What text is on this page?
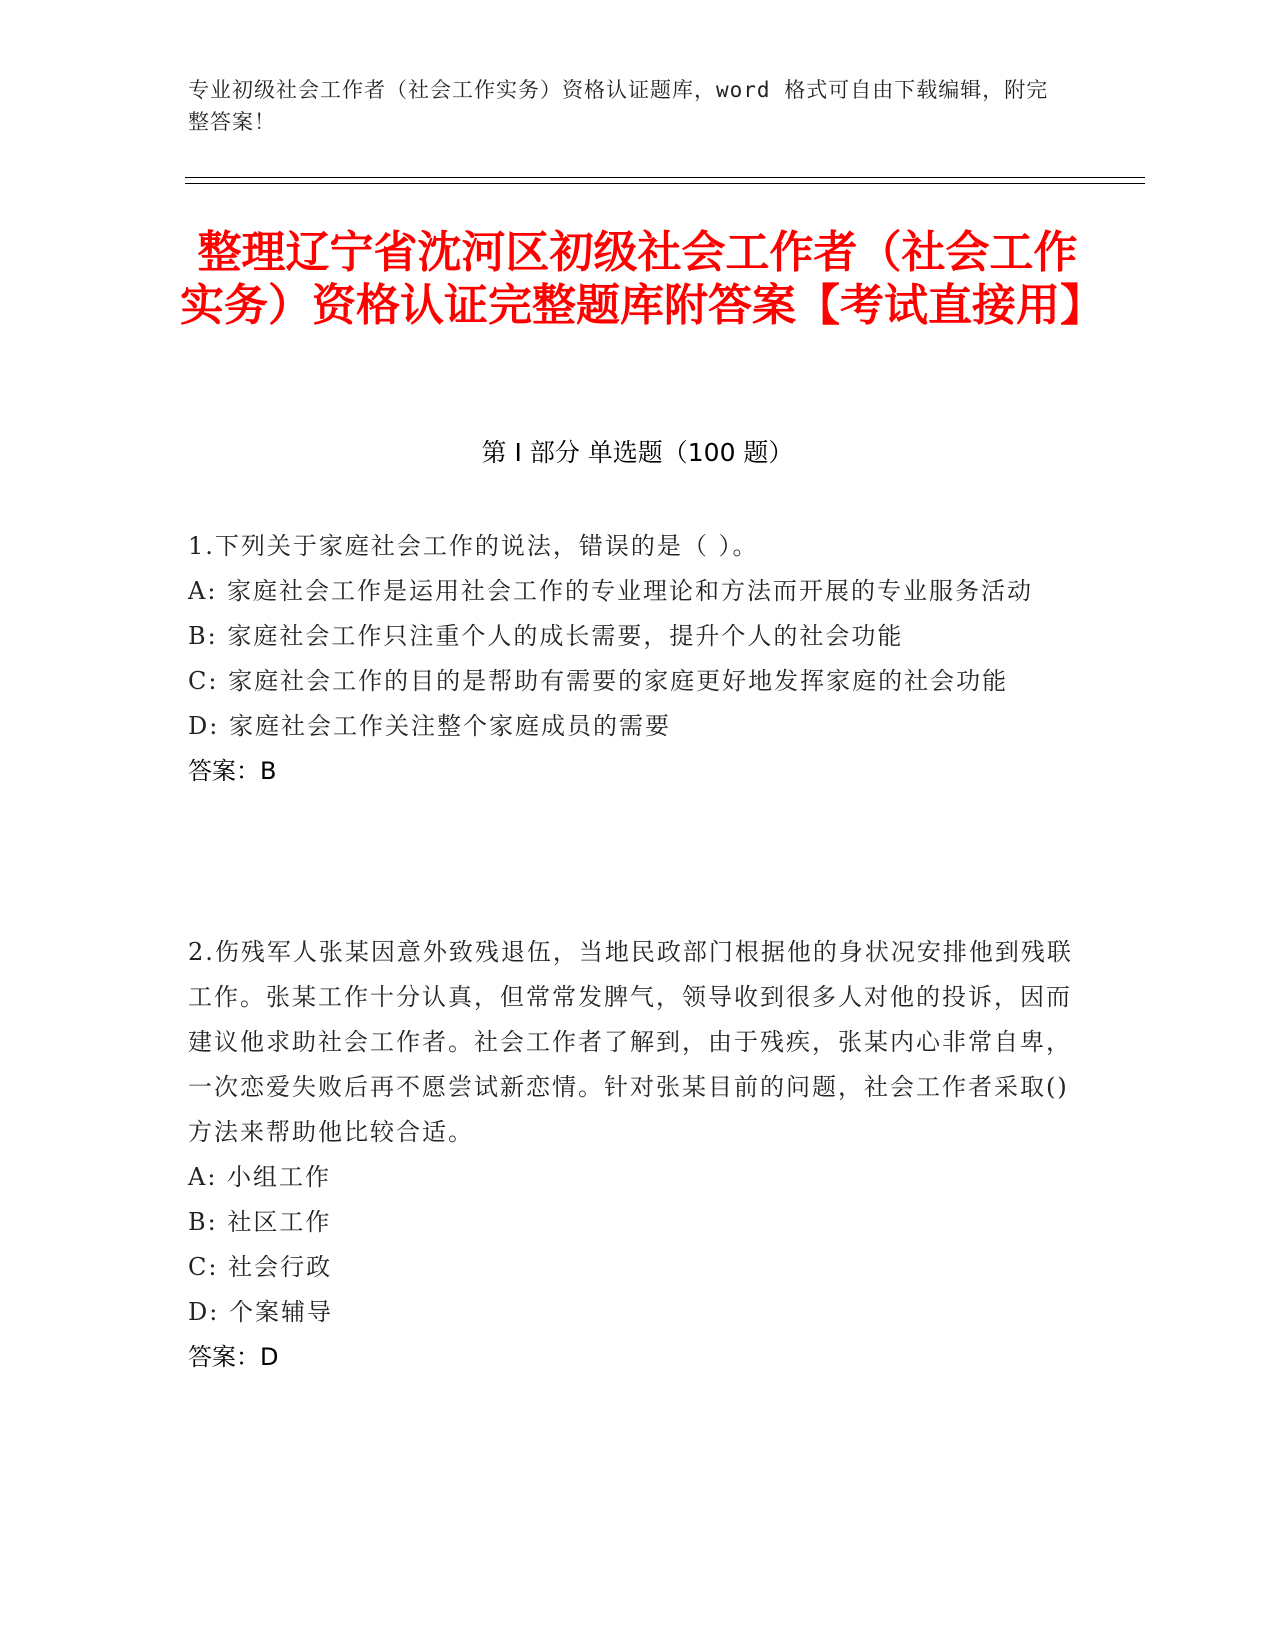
专业初级社会工作者（社会工作实务）资格认证题库，word 格式可自由下载编辑，附完整答案！
整理辽宁省沈河区初级社会工作者（社会工作实务）资格认证完整题库附答案【考试直接用】
第 I 部分 单选题（100 题）

1.下列关于家庭社会工作的说法，错误的是（ ）。

A: 家庭社会工作是运用社会工作的专业理论和方法而开展的专业服务活动

B: 家庭社会工作只注重个人的成长需要，提升个人的社会功能

C: 家庭社会工作的目的是帮助有需要的家庭更好地发挥家庭的社会功能

D: 家庭社会工作关注整个家庭成员的需要

答案：B

2.伤残军人张某因意外致残退伍，当地民政部门根据他的身状况安排他到残联工作。张某工作十分认真，但常常发脾气，领导收到很多人对他的投诉，因而建议他求助社会工作者。社会工作者了解到，由于残疾，张某内心非常自卑，一次恋爱失败后再不愿尝试新恋情。针对张某目前的问题，社会工作者采取()方法来帮助他比较合适。

A: 小组工作

B: 社区工作

C: 社会行政

D: 个案辅导

答案：D
